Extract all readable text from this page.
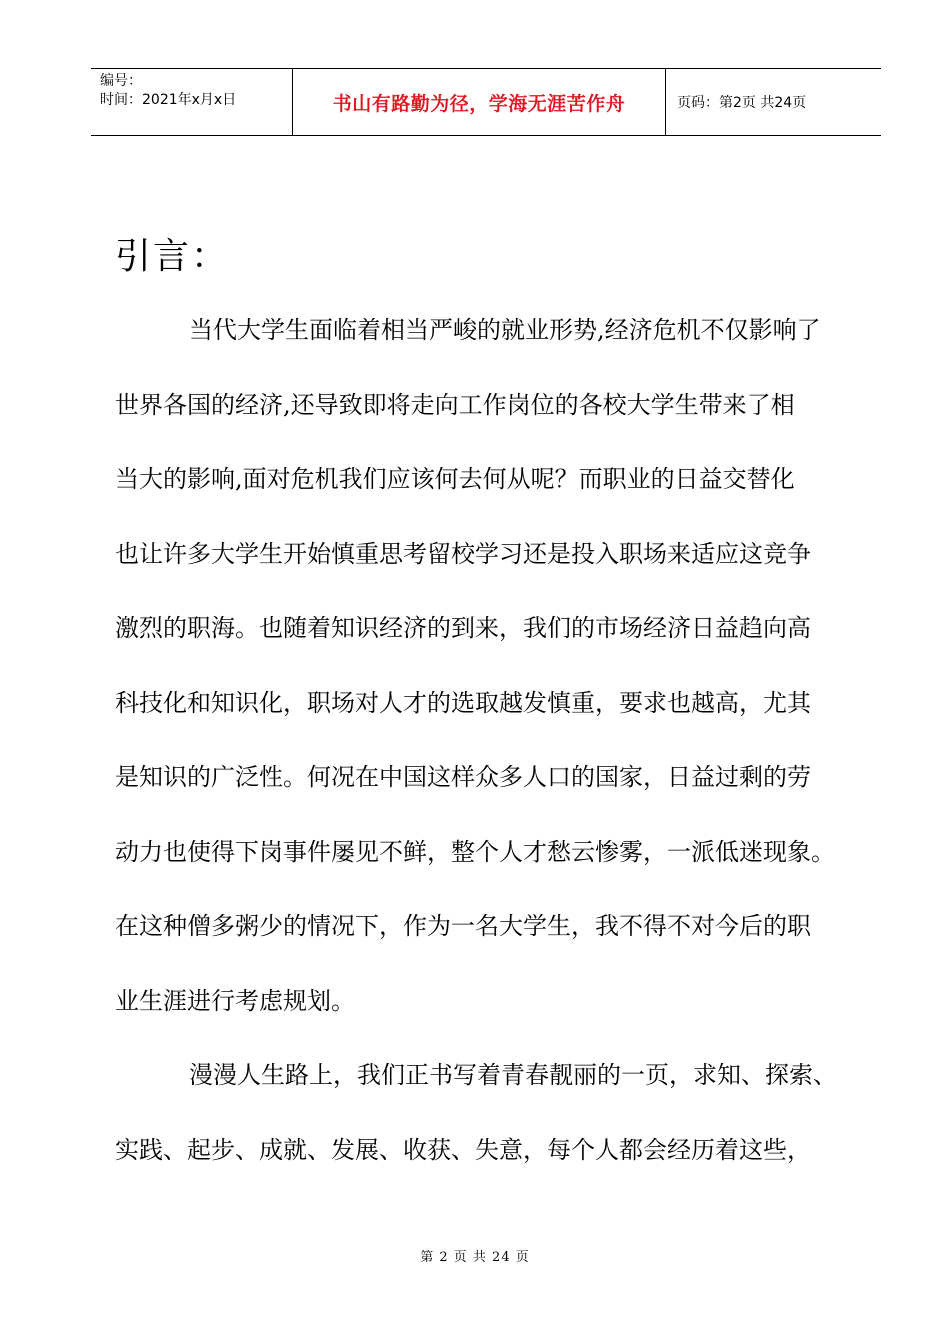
编号：
时间：2021年x月x日	书山有路勤为径，学海无涯苦作舟	页码：第2页 共24页
引言：
当代大学生面临着相当严峻的就业形势,经济危机不仅影响了
世界各国的经济,还导致即将走向工作岗位的各校大学生带来了相
当大的影响,面对危机我们应该何去何从呢？而职业的日益交替化
也让许多大学生开始慎重思考留校学习还是投入职场来适应这竞争
激烈的职海。也随着知识经济的到来，我们的市场经济日益趋向高
科技化和知识化，职场对人才的选取越发慎重，要求也越高，尤其
是知识的广泛性。何况在中国这样众多人口的国家，日益过剩的劳
动力也使得下岗事件屡见不鲜，整个人才愁云惨雾，一派低迷现象。
在这种僧多粥少的情况下，作为一名大学生，我不得不对今后的职
业生涯进行考虑规划。
漫漫人生路上，我们正书写着青春靓丽的一页，求知、探索、
实践、起步、成就、发展、收获、失意，每个人都会经历着这些，
第 2 页 共 24 页
